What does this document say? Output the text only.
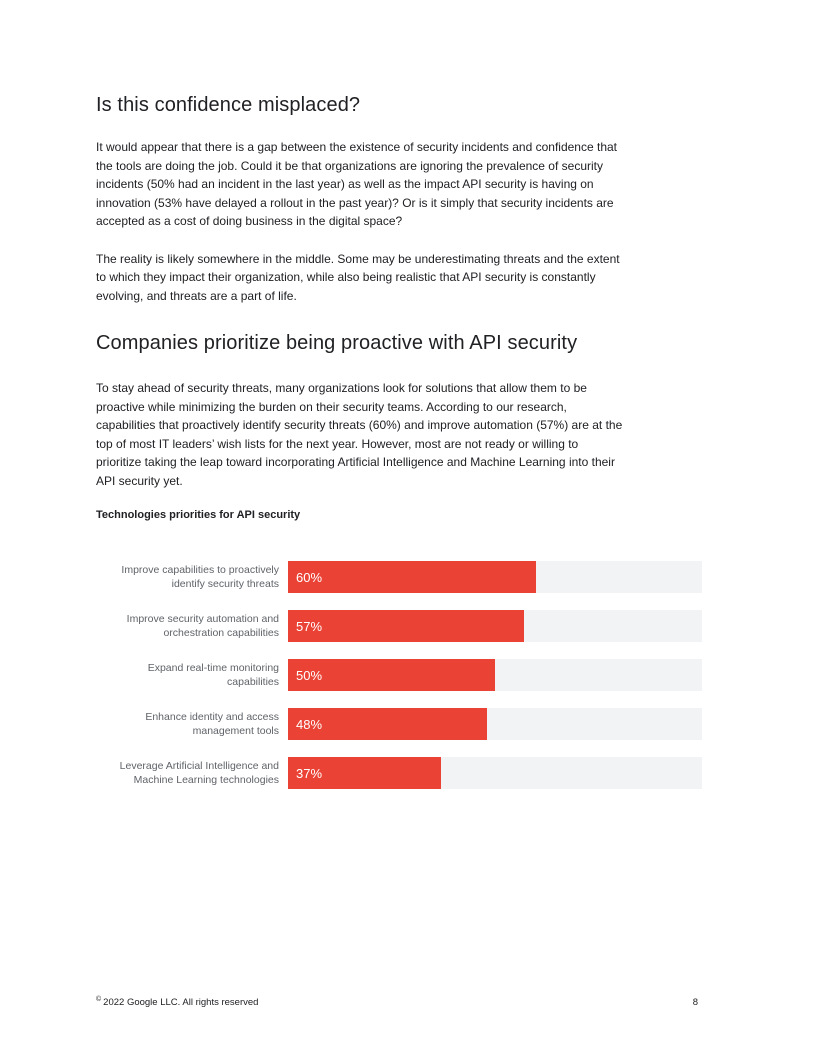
Is this confidence misplaced?

It would appear that there is a gap between the existence of security incidents and confidence that the tools are doing the job. Could it be that organizations are ignoring the prevalence of security incidents (50% had an incident in the last year) as well as the impact API security is having on innovation (53% have delayed a rollout in the past year)? Or is it simply that security incidents are accepted as a cost of doing business in the digital space?

The reality is likely somewhere in the middle. Some may be underestimating threats and the extent to which they impact their organization, while also being realistic that API security is constantly evolving, and threats are a part of life.

Companies prioritize being proactive with API security

To stay ahead of security threats, many organizations look for solutions that allow them to be proactive while minimizing the burden on their security teams. According to our research, capabilities that proactively identify security threats (60%) and improve automation (57%) are at the top of most IT leaders’ wish lists for the next year. However, most are not ready or willing to prioritize taking the leap toward incorporating Artificial Intelligence and Machine Learning into their API security yet.

Technologies priorities for API security
Improve capabilities to proactively identify security threats	60%
Improve security automation and orchestration capabilities	57%
Expand real-time monitoring capabilities	50%
Enhance identity and access management tools	48%
Leverage Artificial Intelligence and Machine Learning technologies	37%
© 2022 Google LLC. All rights reserved	8
